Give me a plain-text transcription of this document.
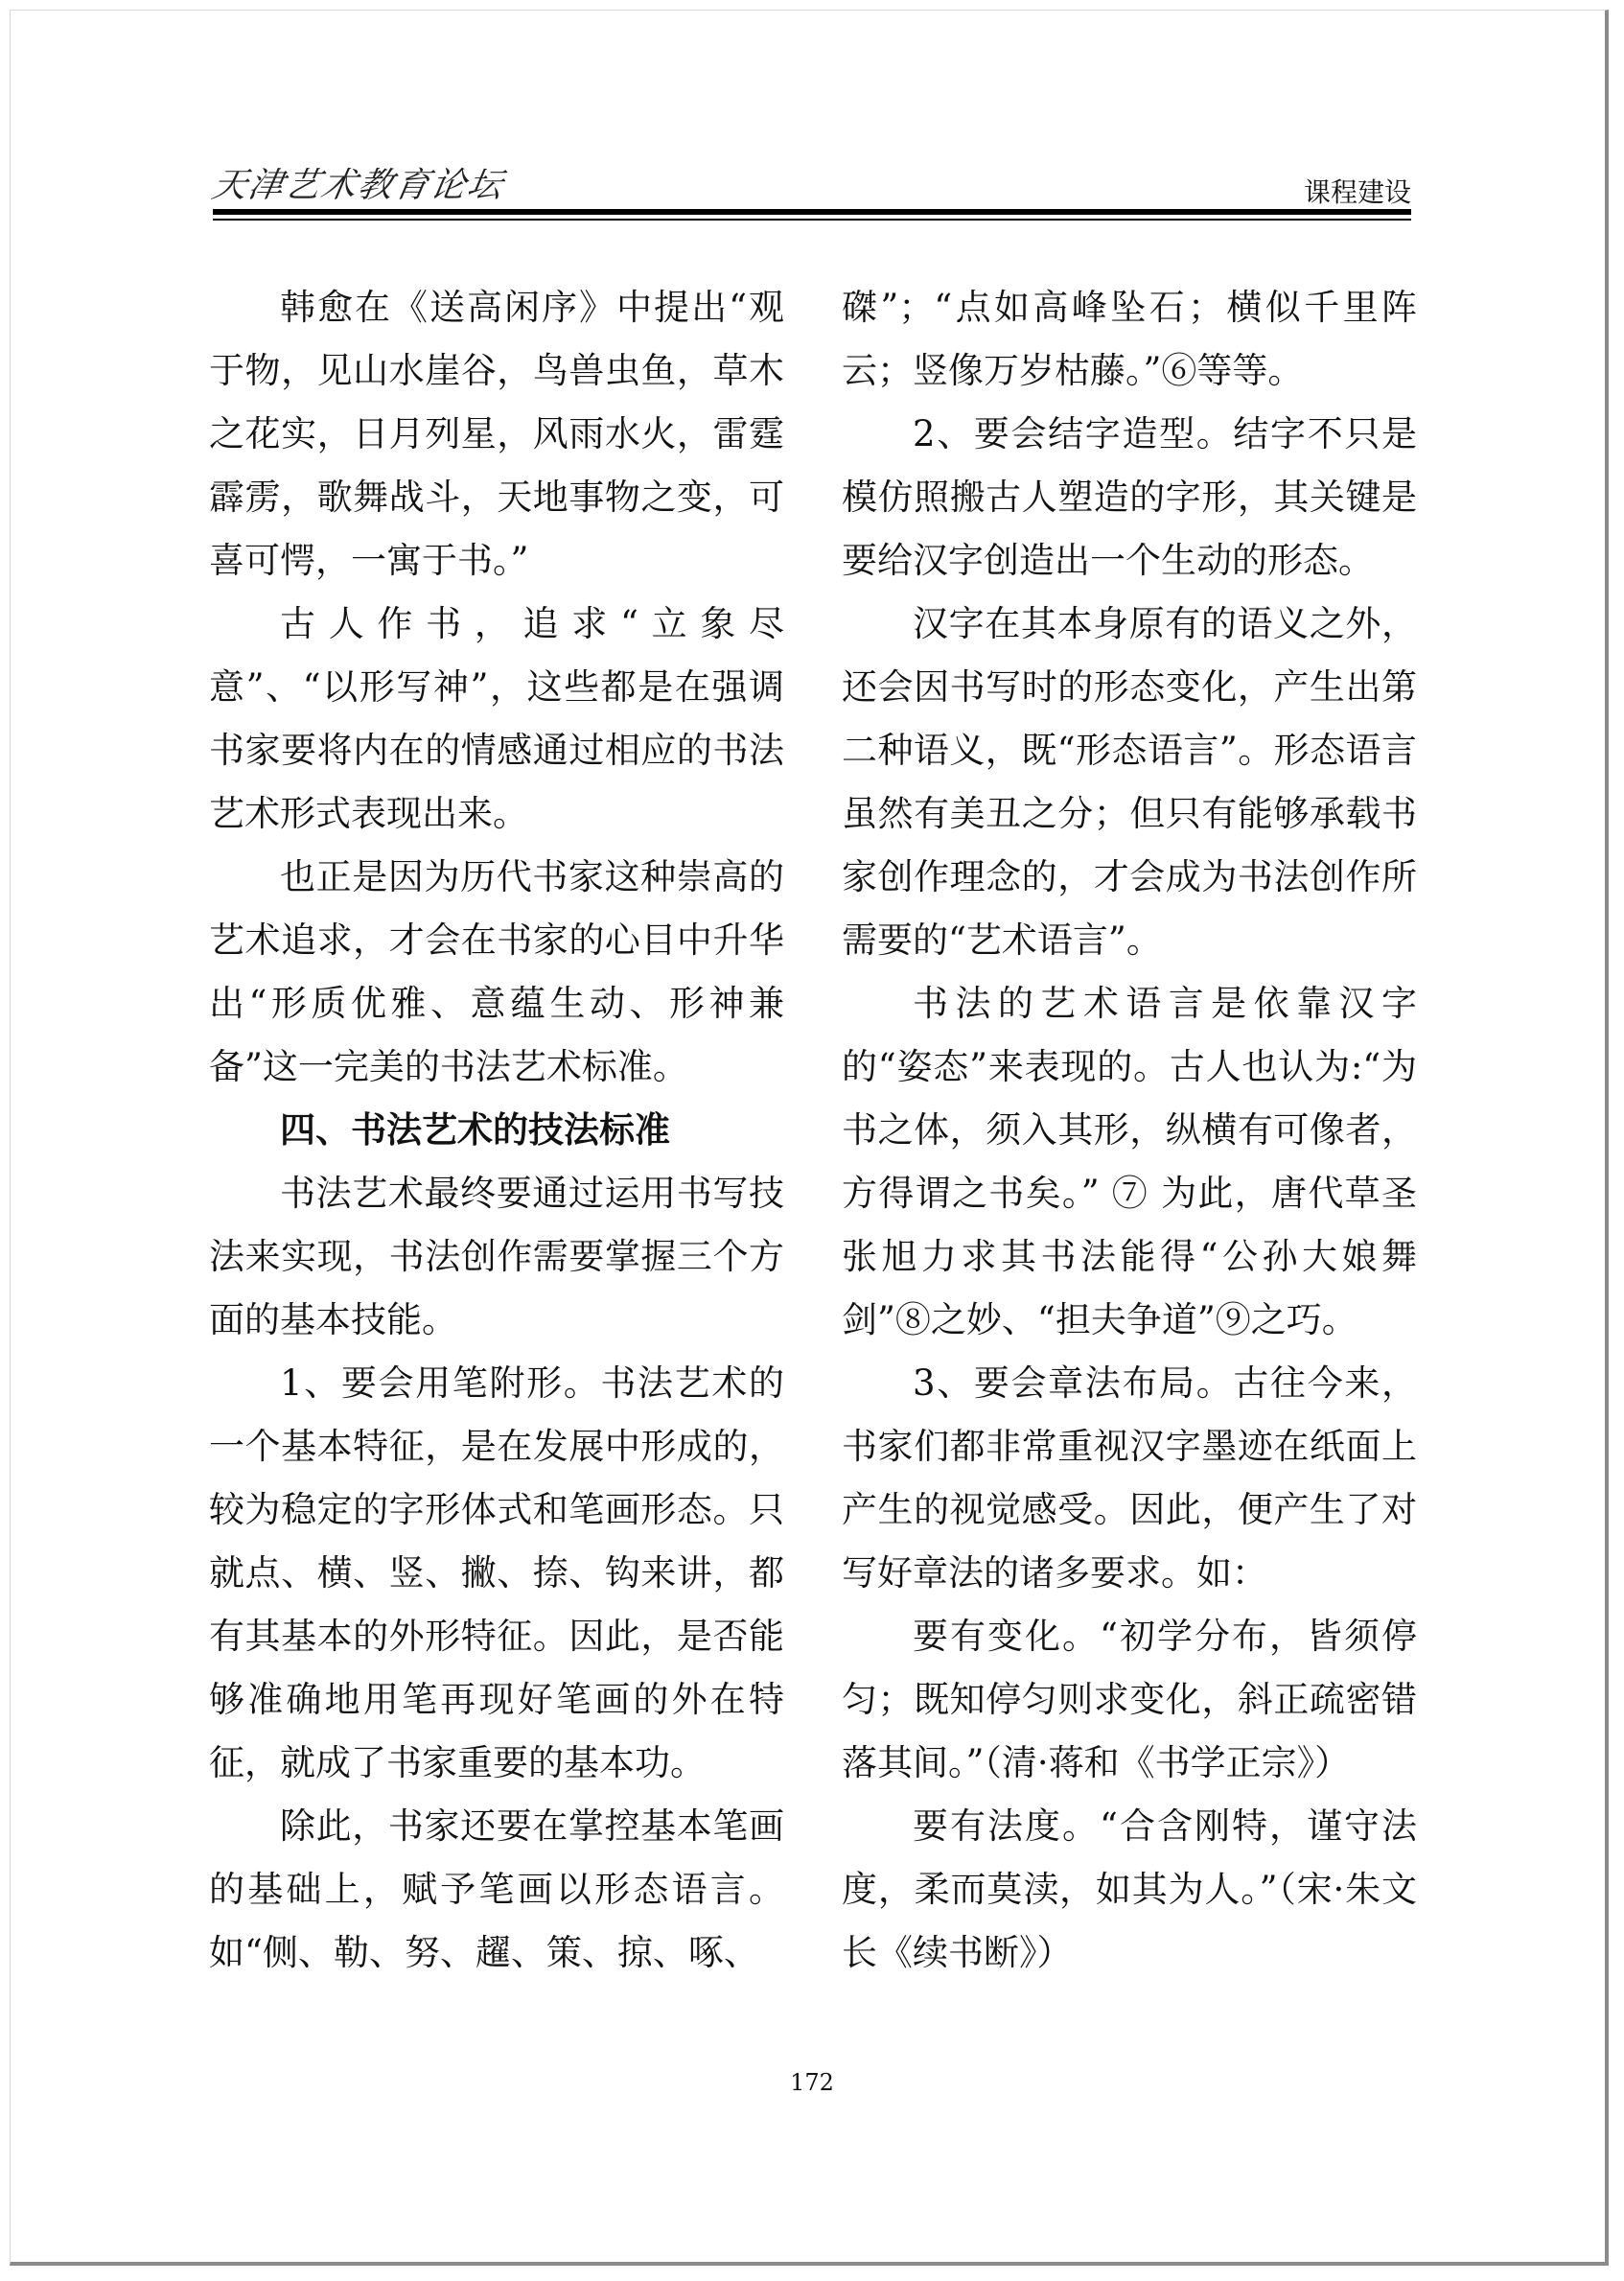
天津艺术教育论坛	课程建设

韩愈在《送高闲序》中提出“观于物，见山水崖谷，鸟兽虫鱼，草木之花实，日月列星，风雨水火，雷霆霹雳，歌舞战斗，天地事物之变，可喜可愕，一寓于书。”

古人作书，追求“立象尽意”、“以形写神”，这些都是在强调书家要将内在的情感通过相应的书法艺术形式表现出来。

也正是因为历代书家这种崇高的艺术追求，才会在书家的心目中升华出“形质优雅、意蕴生动、形神兼备”这一完美的书法艺术标准。

四、书法艺术的技法标准

书法艺术最终要通过运用书写技法来实现，书法创作需要掌握三个方面的基本技能。

1、要会用笔附形。书法艺术的一个基本特征，是在发展中形成的，较为稳定的字形体式和笔画形态。只就点、横、竖、撇、捺、钩来讲，都有其基本的外形特征。因此，是否能够准确地用笔再现好笔画的外在特征，就成了书家重要的基本功。

除此，书家还要在掌控基本笔画的基础上，赋予笔画以形态语言。如“侧、勒、努、趯、策、掠、啄、

磔”；“点如高峰坠石；横似千里阵云；竖像万岁枯藤。”⑥等等。

2、要会结字造型。结字不只是模仿照搬古人塑造的字形，其关键是要给汉字创造出一个生动的形态。

汉字在其本身原有的语义之外，还会因书写时的形态变化，产生出第二种语义，既“形态语言”。形态语言虽然有美丑之分；但只有能够承载书家创作理念的，才会成为书法创作所需要的“艺术语言”。

书法的艺术语言是依靠汉字的“姿态”来表现的。古人也认为:“为书之体，须入其形，纵横有可像者，方得谓之书矣。” ⑦ 为此，唐代草圣张旭力求其书法能得“公孙大娘舞剑”⑧之妙、“担夫争道”⑨之巧。

3、要会章法布局。古往今来，书家们都非常重视汉字墨迹在纸面上产生的视觉感受。因此，便产生了对写好章法的诸多要求。如：

要有变化。“初学分布，皆须停匀；既知停匀则求变化，斜正疏密错落其间。”（清·蒋和《书学正宗》）

要有法度。“合含刚特，谨守法度，柔而莫渎，如其为人。”（宋·朱文长《续书断》）

172
